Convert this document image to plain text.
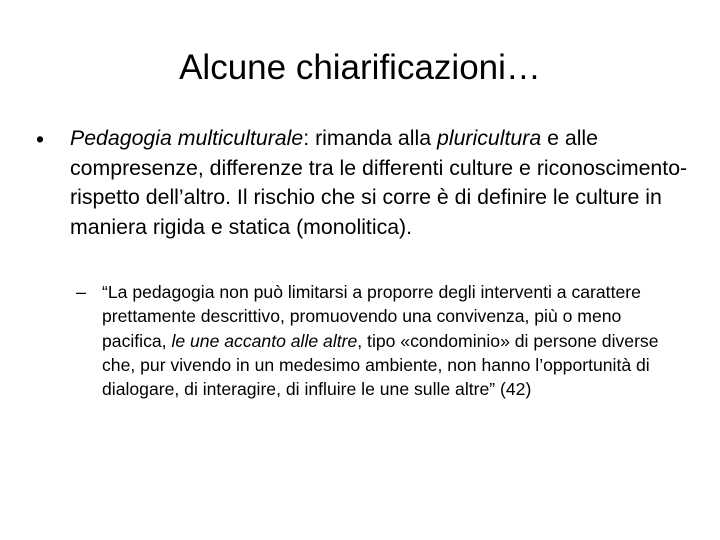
Alcune chiarificazioni…
•	Pedagogia multiculturale: rimanda alla pluricultura e alle compresenze, differenze tra le differenti culture e riconoscimento-rispetto dell’altro. Il rischio che si corre è di definire le culture in maniera rigida e statica (monolitica).
– “La pedagogia non può limitarsi a proporre degli interventi a carattere prettamente descrittivo, promuovendo una convivenza, più o meno pacifica, le une accanto alle altre, tipo «condominio» di persone diverse che, pur vivendo in un medesimo ambiente, non hanno l’opportunità di dialogare, di interagire, di influire le une sulle altre” (42)
